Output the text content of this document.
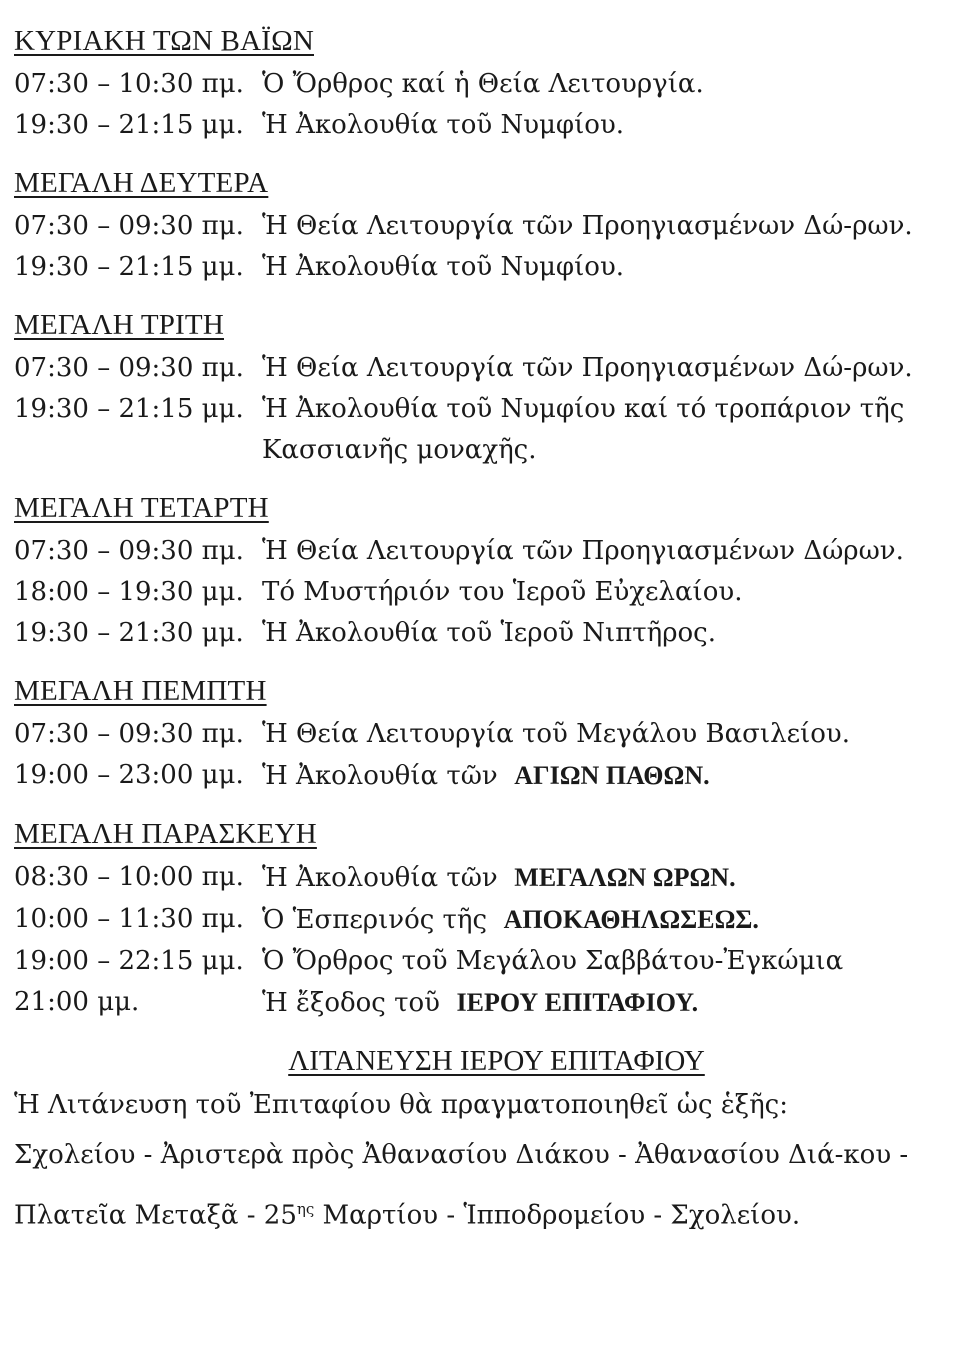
ΚΥΡΙΑΚΗ ΤΩΝ ΒΑΪΩΝ
07:30 – 10:30 πμ. Ὁ Ὄρθρος καί ἡ Θεία Λειτουργία.
19:30 – 21:15 μμ. Ἡ Ἀκολουθία τοῦ Νυμφίου.
ΜΕΓΑΛΗ ΔΕΥΤΕΡΑ
07:30 – 09:30 πμ. Ἡ Θεία Λειτουργία τῶν Προηγιασμένων Δώ-ρων.
19:30 – 21:15 μμ. Ἡ Ἀκολουθία τοῦ Νυμφίου.
ΜΕΓΑΛΗ ΤΡΙΤΗ
07:30 – 09:30 πμ. Ἡ Θεία Λειτουργία τῶν Προηγιασμένων Δώ-ρων.
19:30 – 21:15 μμ. Ἡ Ἀκολουθία τοῦ Νυμφίου καί τό τροπάριον τῆς Κασσιανῆς μοναχῆς.
ΜΕΓΑΛΗ ΤΕΤΑΡΤΗ
07:30 – 09:30 πμ. Ἡ Θεία Λειτουργία τῶν Προηγιασμένων Δώρων.
18:00 – 19:30 μμ. Τό Μυστήριόν του Ἱεροῦ Εὐχελαίου.
19:30 – 21:30 μμ. Ἡ Ἀκολουθία τοῦ Ἱεροῦ Νιπτῆρος.
ΜΕΓΑΛΗ ΠΕΜΠΤΗ
07:30 – 09:30 πμ. Ἡ Θεία Λειτουργία τοῦ Μεγάλου Βασιλείου.
19:00 – 23:00 μμ. Ἡ Ἀκολουθία τῶν ΑΓΙΩΝ ΠΑΘΩΝ.
ΜΕΓΑΛΗ ΠΑΡΑΣΚΕΥΗ
08:30 – 10:00 πμ. Ἡ Ἀκολουθία τῶν ΜΕΓΑΛΩΝ ΩΡΩΝ.
10:00 – 11:30 πμ. Ὁ Ἑσπερινός τῆς ΑΠΟΚΑΘΗΛΩΣΕΩΣ.
19:00 – 22:15 μμ. Ὁ Ὄρθρος τοῦ Μεγάλου Σαββάτου-Ἐγκώμια
21:00 μμ.	Ἡ ἔξοδος τοῦ ΙΕΡΟΥ ΕΠΙΤΑΦΙΟΥ.
ΛΙΤΑΝΕΥΣΗ ΙΕΡΟΥ ΕΠΙΤΑΦΙΟΥ
Ἡ Λιτάνευση τοῦ Ἐπιταφίου θὰ πραγματοποιηθεῖ ὡς ἑξῆς:
Σχολείου - Ἀριστερὰ πρὸς Ἀθανασίου Διάκου - Ἀθανασίου Διά-κου - Πλατεῖα Μεταξᾶ - $25^{\eta\varsigma}$ Μαρτίου - Ἱπποδρομείου - Σχολείου.
